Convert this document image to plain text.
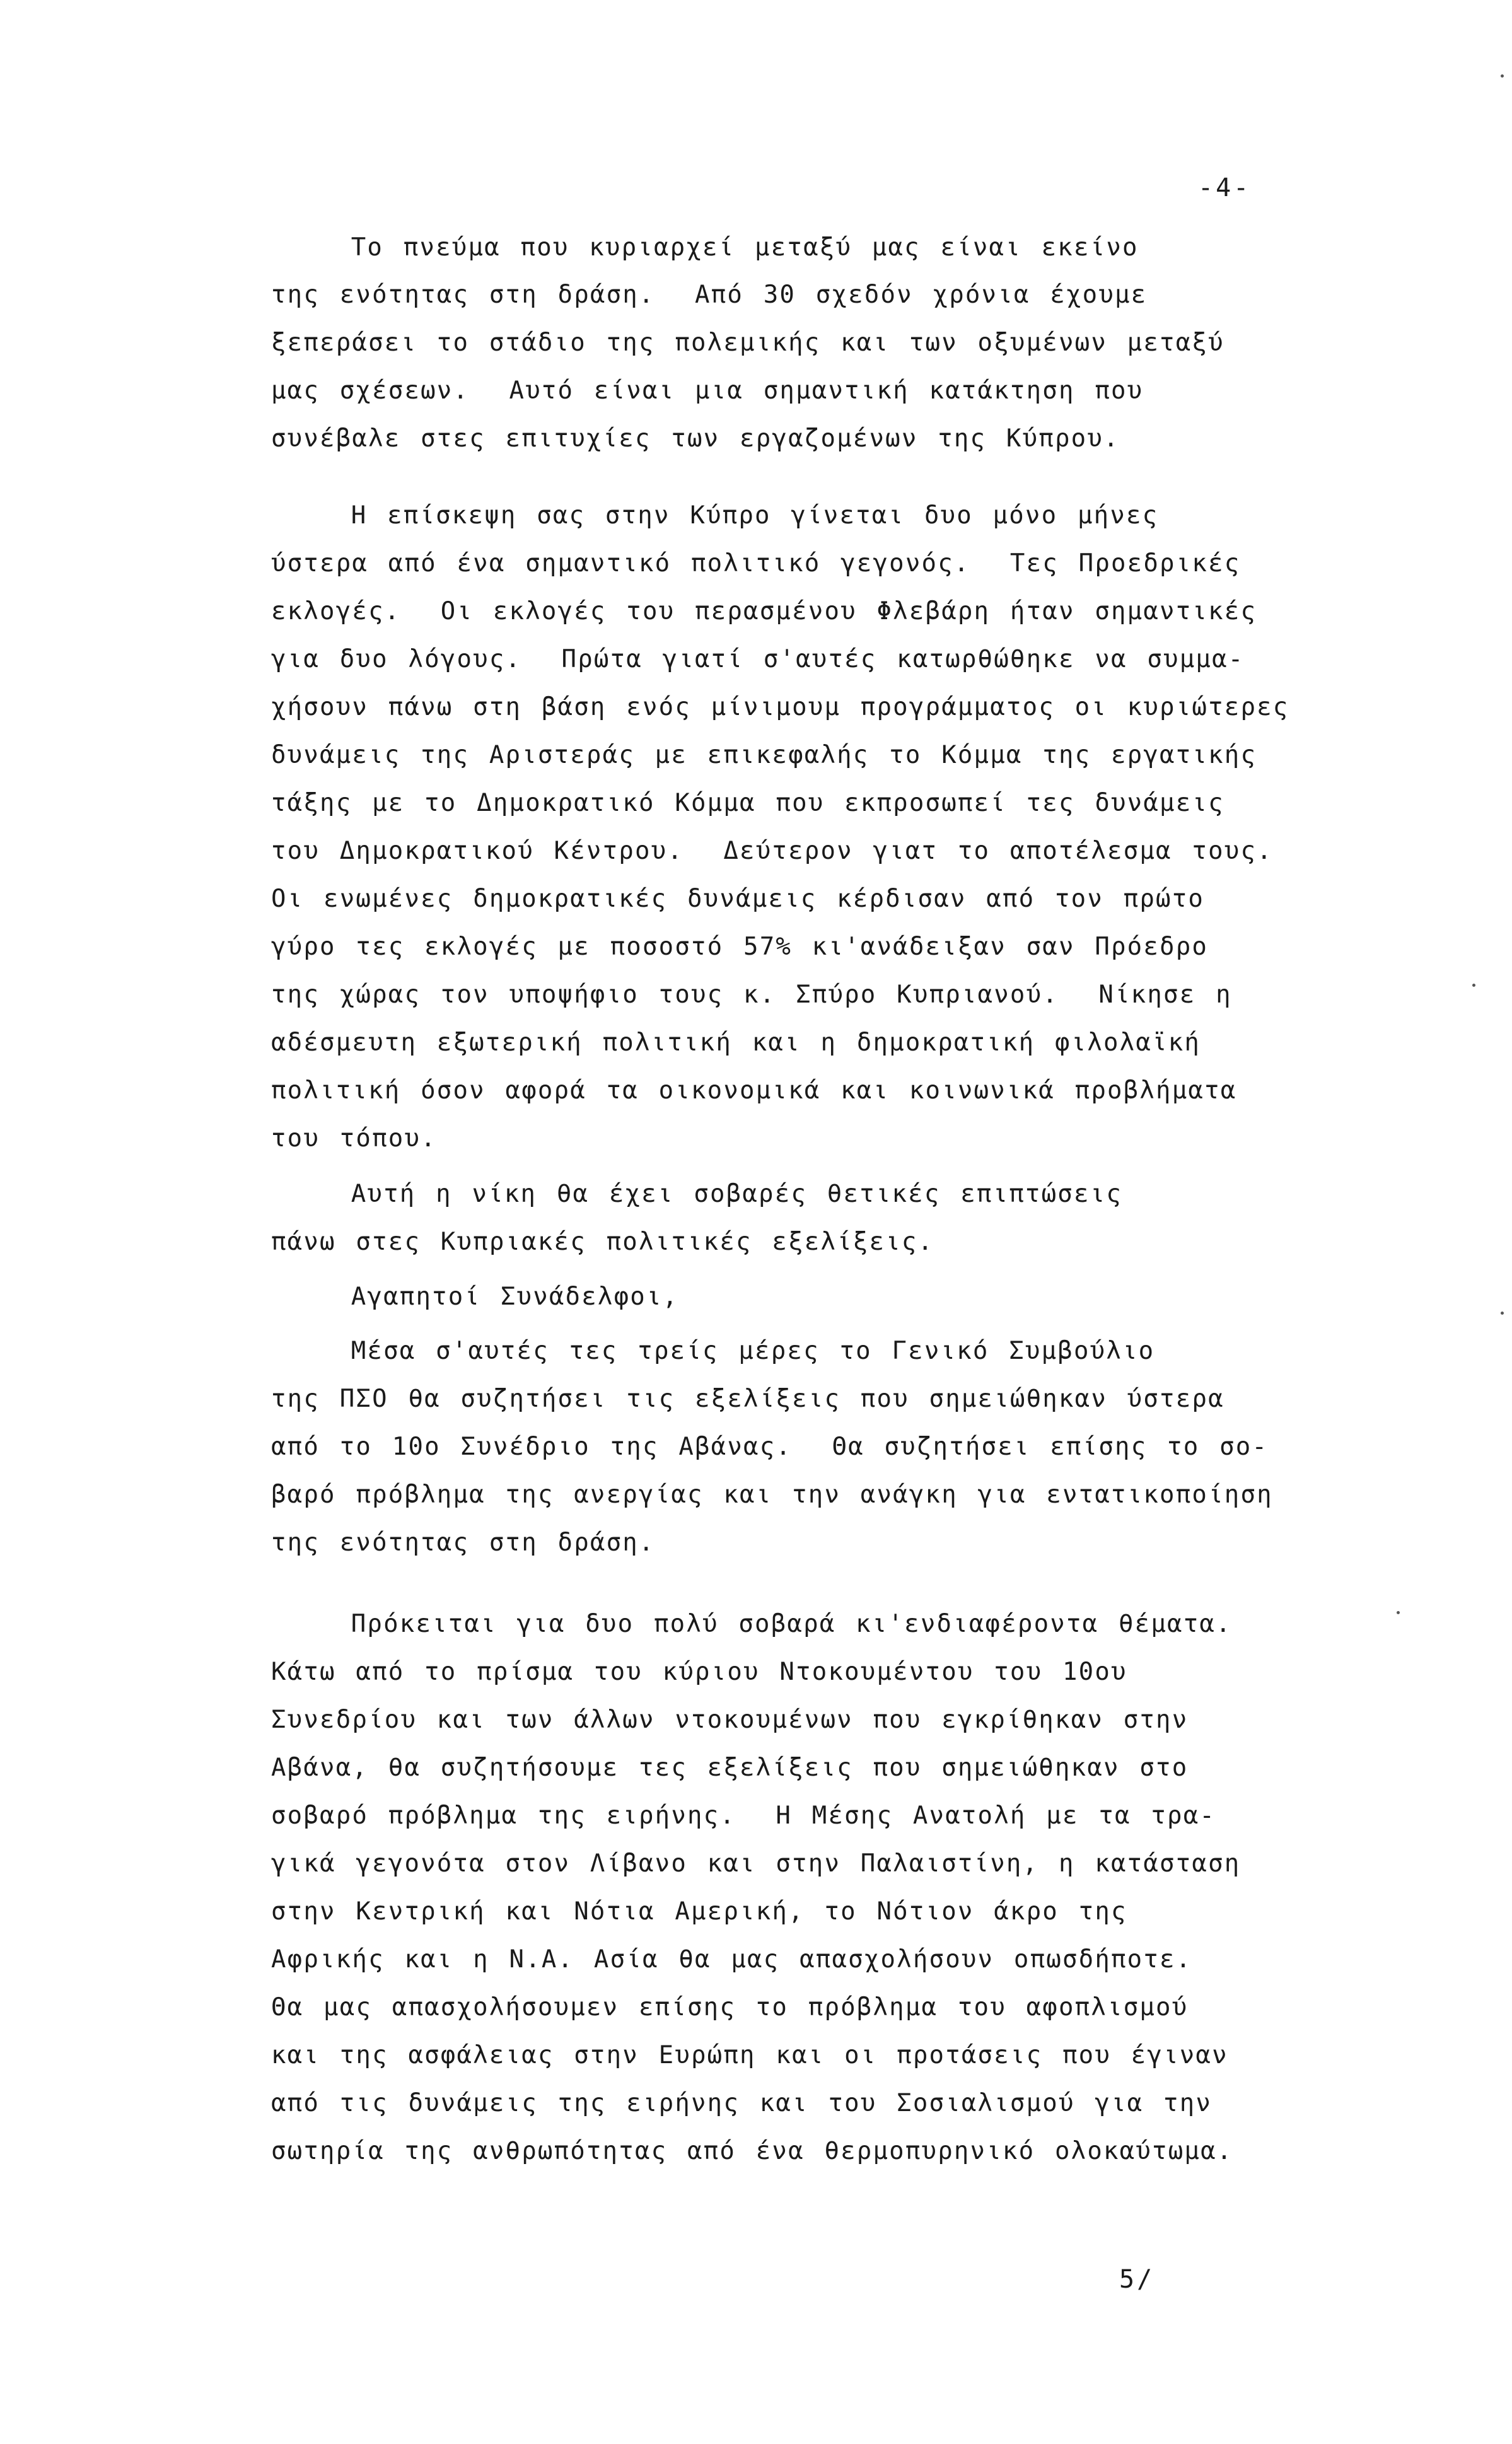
-4-
Το πνεύμα που κυριαρχεί μεταξύ μας είναι εκείνο
της ενότητας στη δράση.  Από 30 σχεδόν χρόνια έχουμε
ξεπεράσει το στάδιο της πολεμικής και των οξυμένων μεταξύ
μας σχέσεων.  Αυτό είναι μια σημαντική κατάκτηση που
συνέβαλε στες επιτυχίες των εργαζομένων της Κύπρου.
Η επίσκεψη σας στην Κύπρο γίνεται δυο μόνο μήνες
ύστερα από ένα σημαντικό πολιτικό γεγονός.  Τες Προεδρικές
εκλογές.  Οι εκλογές του περασμένου Φλεβάρη ήταν σημαντικές
για δυο λόγους.  Πρώτα γιατί σ'αυτές κατωρθώθηκε να συμμα-
χήσουν πάνω στη βάση ενός μίνιμουμ προγράμματος οι κυριώτερες
δυνάμεις της Αριστεράς με επικεφαλής το Κόμμα της εργατικής
τάξης με το Δημοκρατικό Κόμμα που εκπροσωπεί τες δυνάμεις
του Δημοκρατικού Κέντρου.  Δεύτερον γιατ το αποτέλεσμα τους.
Οι ενωμένες δημοκρατικές δυνάμεις κέρδισαν από τον πρώτο
γύρο τες εκλογές με ποσοστό 57% κι'ανάδειξαν σαν Πρόεδρο
της χώρας τον υποψήφιο τους κ. Σπύρο Κυπριανού.  Νίκησε η
αδέσμευτη εξωτερική πολιτική και η δημοκρατική φιλολαϊκή
πολιτική όσον αφορά τα οικονομικά και κοινωνικά προβλήματα
του τόπου.
Αυτή η νίκη θα έχει σοβαρές θετικές επιπτώσεις
πάνω στες Κυπριακές πολιτικές εξελίξεις.
Αγαπητοί Συνάδελφοι,
Μέσα σ'αυτές τες τρείς μέρες το Γενικό Συμβούλιο
της ΠΣΟ θα συζητήσει τις εξελίξεις που σημειώθηκαν ύστερα
από το 10ο Συνέδριο της Αβάνας.  Θα συζητήσει επίσης το σο-
βαρό πρόβλημα της ανεργίας και την ανάγκη για εντατικοποίηση
της ενότητας στη δράση.
Πρόκειται για δυο πολύ σοβαρά κι'ενδιαφέροντα θέματα.
Κάτω από το πρίσμα του κύριου Ντοκουμέντου του 10ου
Συνεδρίου και των άλλων ντοκουμένων που εγκρίθηκαν στην
Αβάνα, θα συζητήσουμε τες εξελίξεις που σημειώθηκαν στο
σοβαρό πρόβλημα της ειρήνης.  Η Μέσης Ανατολή με τα τρα-
γικά γεγονότα στον Λίβανο και στην Παλαιστίνη, η κατάσταση
στην Κεντρική και Νότια Αμερική, το Νότιον άκρο της
Αφρικής και η Ν.Α. Ασία θα μας απασχολήσουν οπωσδήποτε.
Θα μας απασχολήσουμεν επίσης το πρόβλημα του αφοπλισμού
και της ασφάλειας στην Ευρώπη και οι προτάσεις που έγιναν
από τις δυνάμεις της ειρήνης και του Σοσιαλισμού για την
σωτηρία της ανθρωπότητας από ένα θερμοπυρηνικό ολοκαύτωμα.
5/
